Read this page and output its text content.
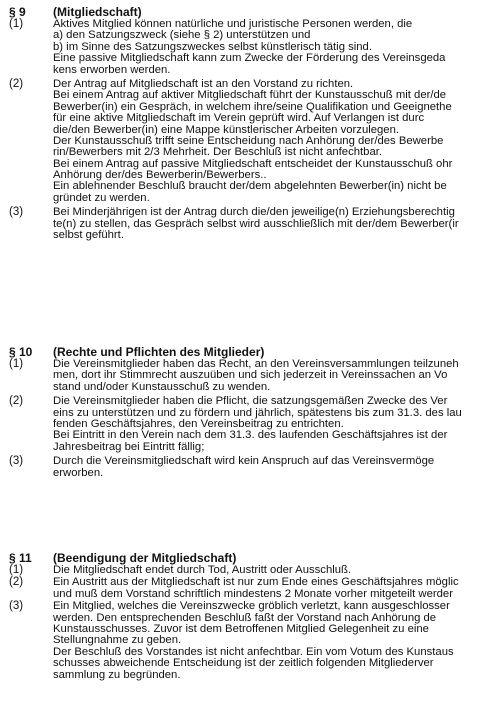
§ 9 (Mitgliedschaft)
(1)	Aktives Mitglied können natürliche und juristische Personen werden, die
a) den Satzungszweck (siehe § 2) unterstützen und
b) im Sinne des Satzungszweckes selbst künstlerisch tätig sind.
Eine passive Mitgliedschaft kann zum Zwecke der Förderung des Vereinsgeda
kens erworben werden.
(2)	Der Antrag auf Mitgliedschaft ist an den Vorstand zu richten.
Bei einem Antrag auf aktiver Mitgliedschaft führt der Kunstausschuß mit der/de
Bewerber(in) ein Gespräch, in welchem ihre/seine Qualifikation und Geeignethe
für eine aktive Mitgliedschaft im Verein geprüft wird. Auf Verlangen ist durc
die/den Bewerber(in) eine Mappe künstlerischer Arbeiten vorzulegen.
Der Kunstausschuß trifft seine Entscheidung nach Anhörung der/des Bewerbe
rin/Bewerbers mit 2/3 Mehrheit. Der Beschluß ist nicht anfechtbar.
Bei einem Antrag auf passive Mitgliedschaft entscheidet der Kunstausschuß ohr
Anhörung der/des Bewerberin/Bewerbers..
Ein ablehnender Beschluß braucht der/dem abgelehnten Bewerber(in) nicht be
gründet zu werden.
(3)	Bei Minderjährigen ist der Antrag durch die/den jeweilige(n) Erziehungsberechtig
te(n) zu stellen, das Gespräch selbst wird ausschließlich mit der/dem Bewerber(ir
selbst geführt.
§ 10 (Rechte und Pflichten des Mitglieder)
(1)	Die Vereinsmitglieder haben das Recht, an den Vereinsversammlungen teilzuneh
men, dort ihr Stimmrecht auszuüben und sich jederzeit in Vereinssachen an Vo
stand und/oder Kunstausschuß zu wenden.
(2)	Die Vereinsmitglieder haben die Pflicht, die satzungsgemäßen Zwecke des Ver
eins zu unterstützen und zu fördern und jährlich, spätestens bis zum 31.3. des lau
fenden Geschäftsjahres, den Vereinsbeitrag zu entrichten.
Bei Eintritt in den Verein nach dem 31.3. des laufenden Geschäftsjahres ist der
Jahresbeitrag bei Eintritt fällig;
(3)	Durch die Vereinsmitgliedschaft wird kein Anspruch auf das Vereinsvermöge
erworben.
§ 11 (Beendigung der Mitgliedschaft)
(1)	Die Mitgliedschaft endet durch Tod, Austritt oder Ausschluß.
(2)	Ein Austritt aus der Mitgliedschaft ist nur zum Ende eines Geschäftsjahres möglic
und muß dem Vorstand schriftlich mindestens 2 Monate vorher mitgeteilt werder
(3)	Ein Mitglied, welches die Vereinszwecke gröblich verletzt, kann ausgeschlosser
werden. Den entsprechenden Beschluß faßt der Vorstand nach Anhörung de
Kunstausschusses. Zuvor ist dem Betroffenen Mitglied Gelegenheit zu eine
Stellungnahme zu geben.
Der Beschluß des Vorstandes ist nicht anfechtbar. Ein vom Votum des Kunstaus
schusses abweichende Entscheidung ist der zeitlich folgenden Mitgliederver
sammlung zu begründen.
